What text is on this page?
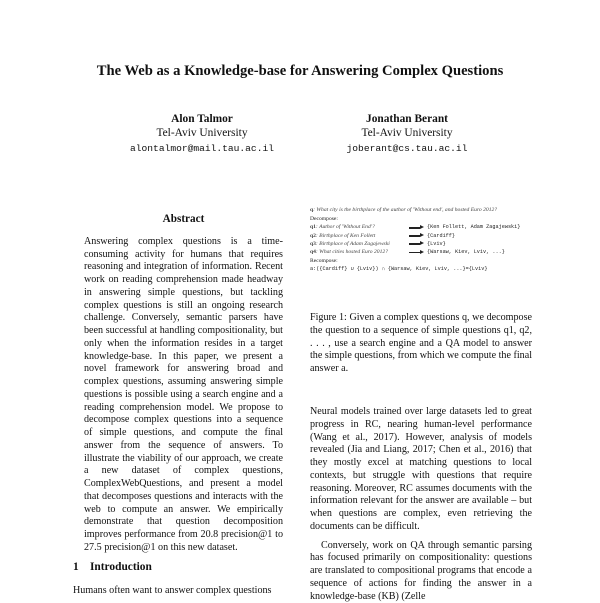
The Web as a Knowledge-base for Answering Complex Questions
Alon Talmor
Tel-Aviv University
alontalmor@mail.tau.ac.il
Jonathan Berant
Tel-Aviv University
joberant@cs.tau.ac.il
Abstract
Answering complex questions is a time-consuming activity for humans that requires reasoning and integration of information. Recent work on reading comprehension made headway in answering simple questions, but tackling complex questions is still an ongoing research challenge. Conversely, semantic parsers have been successful at handling compositionality, but only when the information resides in a target knowledge-base. In this paper, we present a novel framework for answering broad and complex questions, assuming answering simple questions is possible using a search engine and a reading comprehension model. We propose to decompose complex questions into a sequence of simple questions, and compute the final answer from the sequence of answers. To illustrate the viability of our approach, we create a new dataset of complex questions, ComplexWebQuestions, and present a model that decomposes questions and interacts with the web to compute an answer. We empirically demonstrate that question decomposition improves performance from 20.8 precision@1 to 27.5 precision@1 on this new dataset.
1 Introduction
Humans often want to answer complex questions
q: What city is the birthplace of the author of 'Without end', and hosted Euro 2012?
Decompose:
q1: Author of 'Without End'?	{Ken Follett, Adam Zagajewski}
q2: Birthplace of Ken Follett	{Cardiff}
q3: Birthplace of Adam Zagajewski	{Lviv}
q4: What cities hosted Euro 2012?	{Warsaw, Kiev, Lviv, ...}
Recompose:
a:({Cardiff} ∪ {Lviv}) ∩ {Warsaw, Kiev, Lviv, ...}={Lviv}
Figure 1: Given a complex questions q, we decompose the question to a sequence of simple questions q1, q2, . . . , use a search engine and a QA model to answer the simple questions, from which we compute the final answer a.

Neural models trained over large datasets led to great progress in RC, nearing human-level performance (Wang et al., 2017). However, analysis of models revealed (Jia and Liang, 2017; Chen et al., 2016) that they mostly excel at matching questions to local contexts, but struggle with questions that require reasoning. Moreover, RC assumes documents with the information relevant for the answer are available – but when questions are complex, even retrieving the documents can be difficult.

Conversely, work on QA through semantic parsing has focused primarily on compositionality: questions are translated to compositional programs that encode a sequence of actions for finding the answer in a knowledge-base (KB) (Zelle
